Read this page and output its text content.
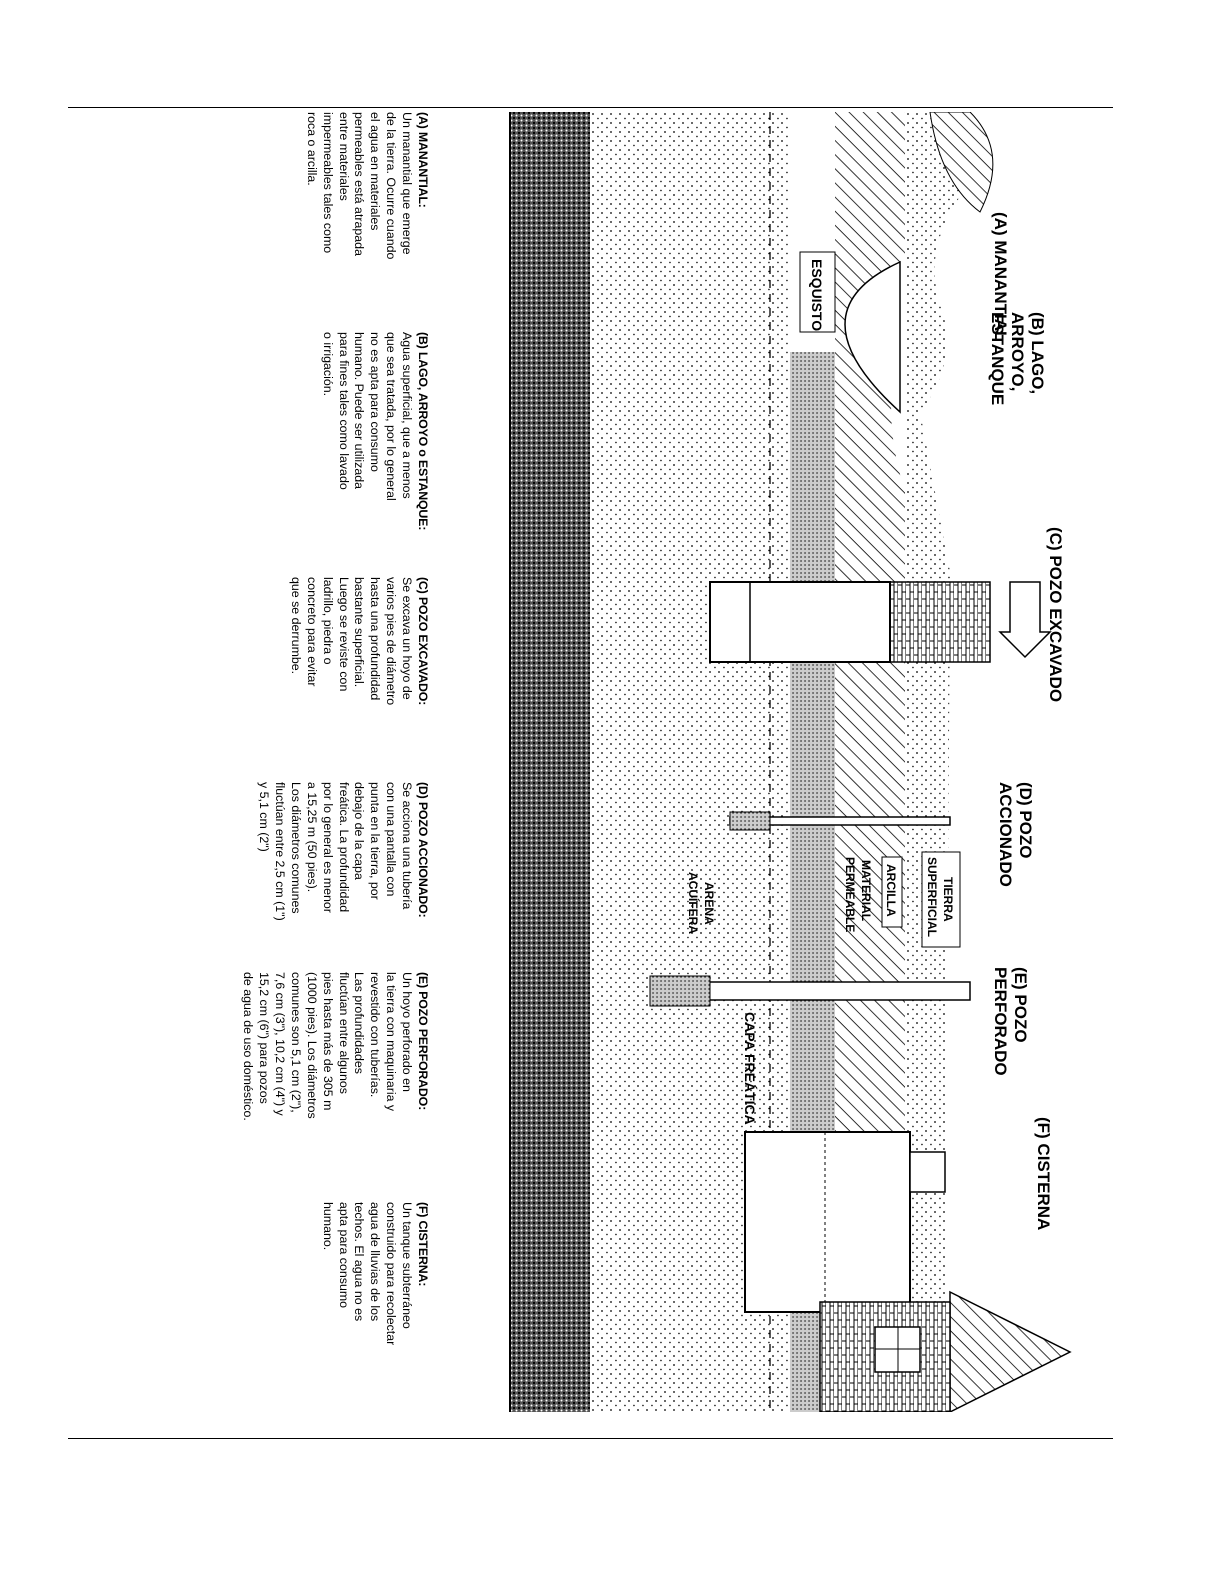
(A) MANANTIAL
(B) LAGO,
ARROYO,
ESTANQUE
(C) POZO EXCAVADO
(D) POZO
ACCIONADO
(E) POZO
PERFORADO
(F) CISTERNA
CAPA FREÁTICA
ESQUISTO
TIERRA
SUPERFICIAL
ARCILLA
MATERIAL
PERMEABLE
ARENA
ACUÍFERA
(A) MANANTIAL:
Un manantial que emerge
de la tierra. Ocurre cuando
el agua en materiales
permeables está atrapada
entre materiales
impermeables tales como
roca o arcilla.
(B) LAGO, ARROYO o ESTANQUE:
Agua superficial, que a menos
que sea tratada, por lo general
no es apta para consumo
humano. Puede ser utilizada
para fines tales como lavado
o irrigación.
(C) POZO EXCAVADO:
Se excava un hoyo de
varios pies de diámetro
hasta una profundidad
bastante superficial.
Luego se reviste con
ladrillo, piedra o
concreto para evitar
que se derrumbe.
(D) POZO ACCIONADO:
Se acciona una tubería
con una pantalla con
punta en la tierra, por
debajo de la capa
freática. La profundidad
por lo general es menor
a 15,25 m (50 pies).
Los diámetros comunes
fluctúan entre 2,5 cm (1")
y 5,1 cm (2")
(E) POZO PERFORADO:
Un hoyo perforado en
la tierra con maquinaria y
revestido con tuberías.
Las profundidades
fluctúan entre algunos
pies hasta más de 305 m
(1000 pies). Los diámetros
comunes son 5,1 cm (2"),
7,6 cm (3"), 10,2 cm (4") y
15,2 cm (6") para pozos
de agua de uso doméstico.
(F) CISTERNA:
Un tanque subterráneo
construido para recolectar
agua de lluvias de los
techos. El agua no es
apta para consumo
humano.
